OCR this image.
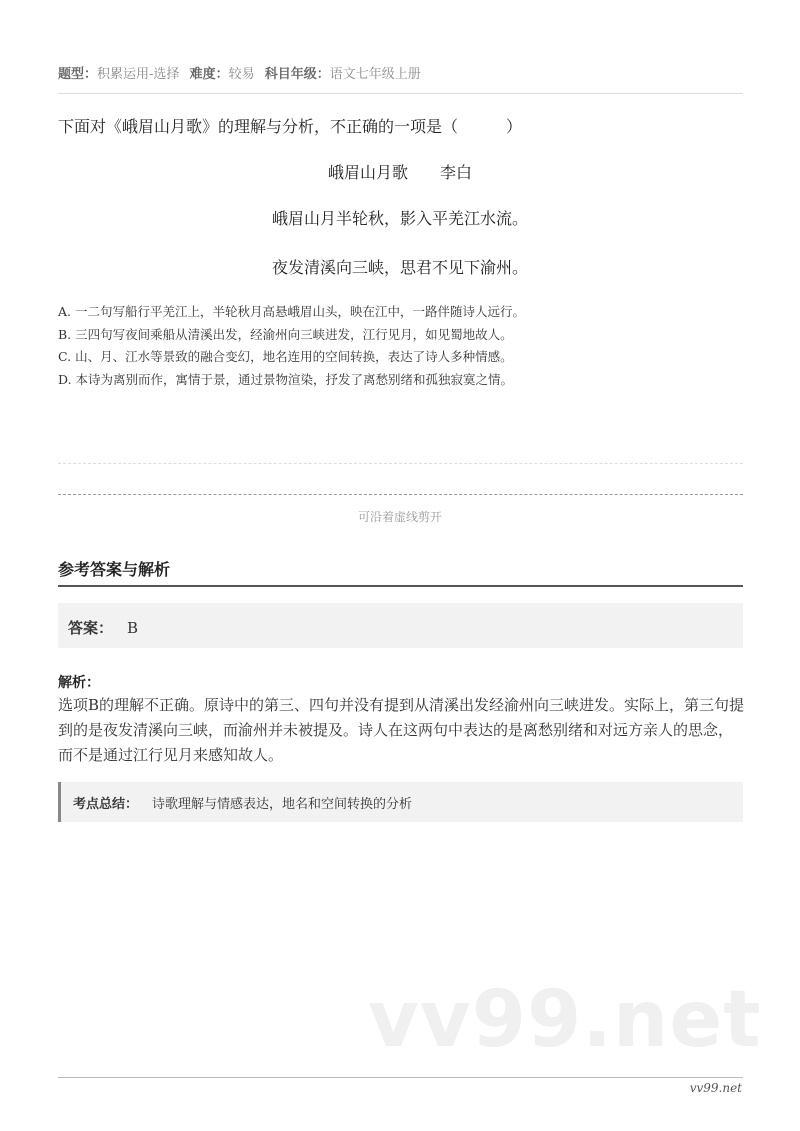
题型：积累运用-选择 难度：较易 科目年级：语文七年级上册
下面对《峨眉山月歌》的理解与分析，不正确的一项是（　　　）
峨眉山月歌　　李白
峨眉山月半轮秋，影入平羌江水流。
夜发清溪向三峡，思君不见下渝州。
A. 一二句写船行平羌江上，半轮秋月高悬峨眉山头，映在江中，一路伴随诗人远行。
B. 三四句写夜间乘船从清溪出发，经渝州向三峡进发，江行见月，如见蜀地故人。
C. 山、月、江水等景致的融合变幻，地名连用的空间转换，表达了诗人多种情感。
D. 本诗为离别而作，寓情于景，通过景物渲染，抒发了离愁别绪和孤独寂寞之情。
可沿着虚线剪开
参考答案与解析
答案： B
解析：
选项B的理解不正确。原诗中的第三、四句并没有提到从清溪出发经渝州向三峡进发。实际上，第三句提到的是夜发清溪向三峡，而渝州并未被提及。诗人在这两句中表达的是离愁别绪和对远方亲人的思念，而不是通过江行见月来感知故人。
考点总结： 诗歌理解与情感表达，地名和空间转换的分析
vv99.net
vv99.net
